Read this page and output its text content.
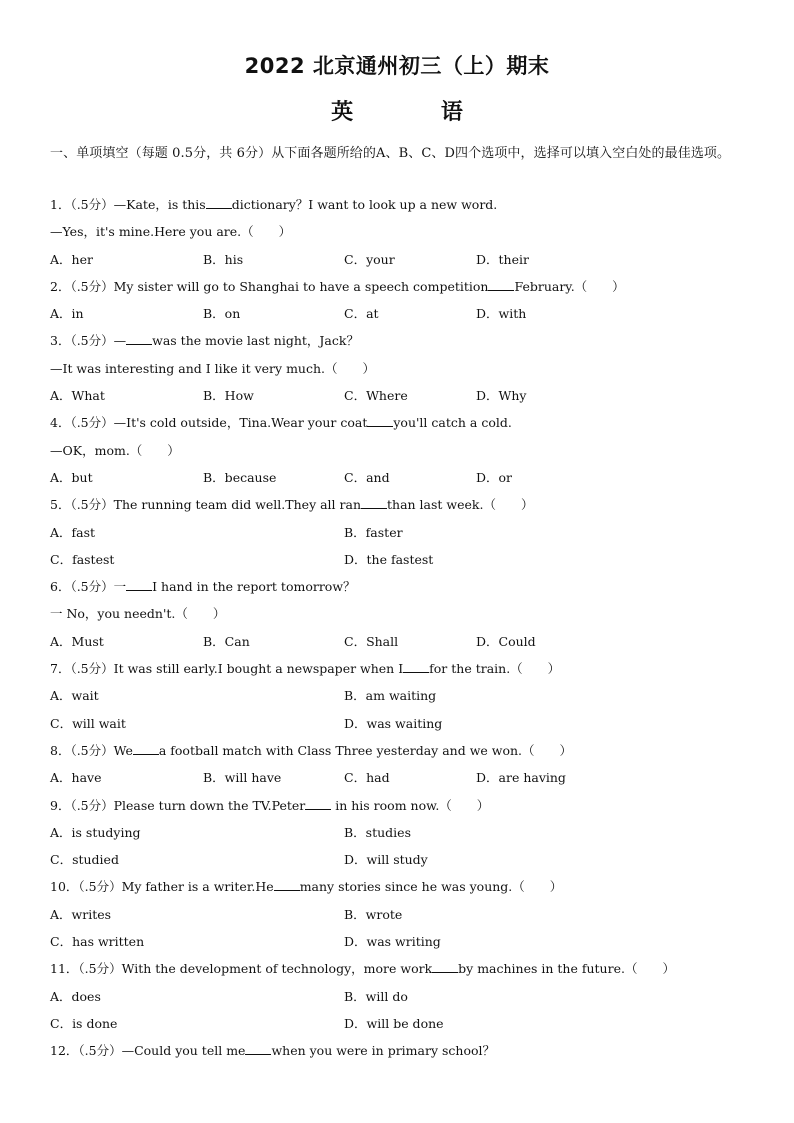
2022 北京通州初三（上）期末
英 语
一、单项填空（每题 0.5分，共 6分）从下面各题所给的A、B、C、D四个选项中，选择可以填入空白处的最佳选项。
1．（.5分）—Kate，is this dictionary？I want to look up a new word.
—Yes，it's mine.Here you are.（　　）
A．her	B．his	C．your	D．their
2．（.5分）My sister will go to Shanghai to have a speech competition February.（　　）
A．in	B．on	C．at	D．with
3．（.5分）— was the movie last night，Jack？
—It was interesting and I like it very much.（　　）
A．What	B．How	C．Where	D．Why
4．（.5分）—It's cold outside，Tina.Wear your coat you'll catch a cold.
—OK，mom.（　　）
A．but	B．because	C．and	D．or
5．（.5分）The running team did well.They all ran than last week.（　　）
A．fast	B．faster
C．fastest	D．the fastest
6．（.5分）一 I hand in the report tomorrow？
一 No，you needn't.（　　）
A．Must	B．Can	C．Shall	D．Could
7．（.5分）It was still early.I bought a newspaper when I for the train.（　　）
A．wait	B．am waiting
C．will wait	D．was waiting
8．（.5分）We a football match with Class Three yesterday and we won.（　　）
A．have	B．will have	C．had	D．are having
9．（.5分）Please turn down the TV.Peter in his room now.（　　）
A．is studying	B．studies
C．studied	D．will study
10．（.5分）My father is a writer.He many stories since he was young.（　　）
A．writes	B．wrote
C．has written	D．was writing
11．（.5分）With the development of technology，more work by machines in the future.（　　）
A．does	B．will do
C．is done	D．will be done
12．（.5分）—Could you tell me when you were in primary school？
